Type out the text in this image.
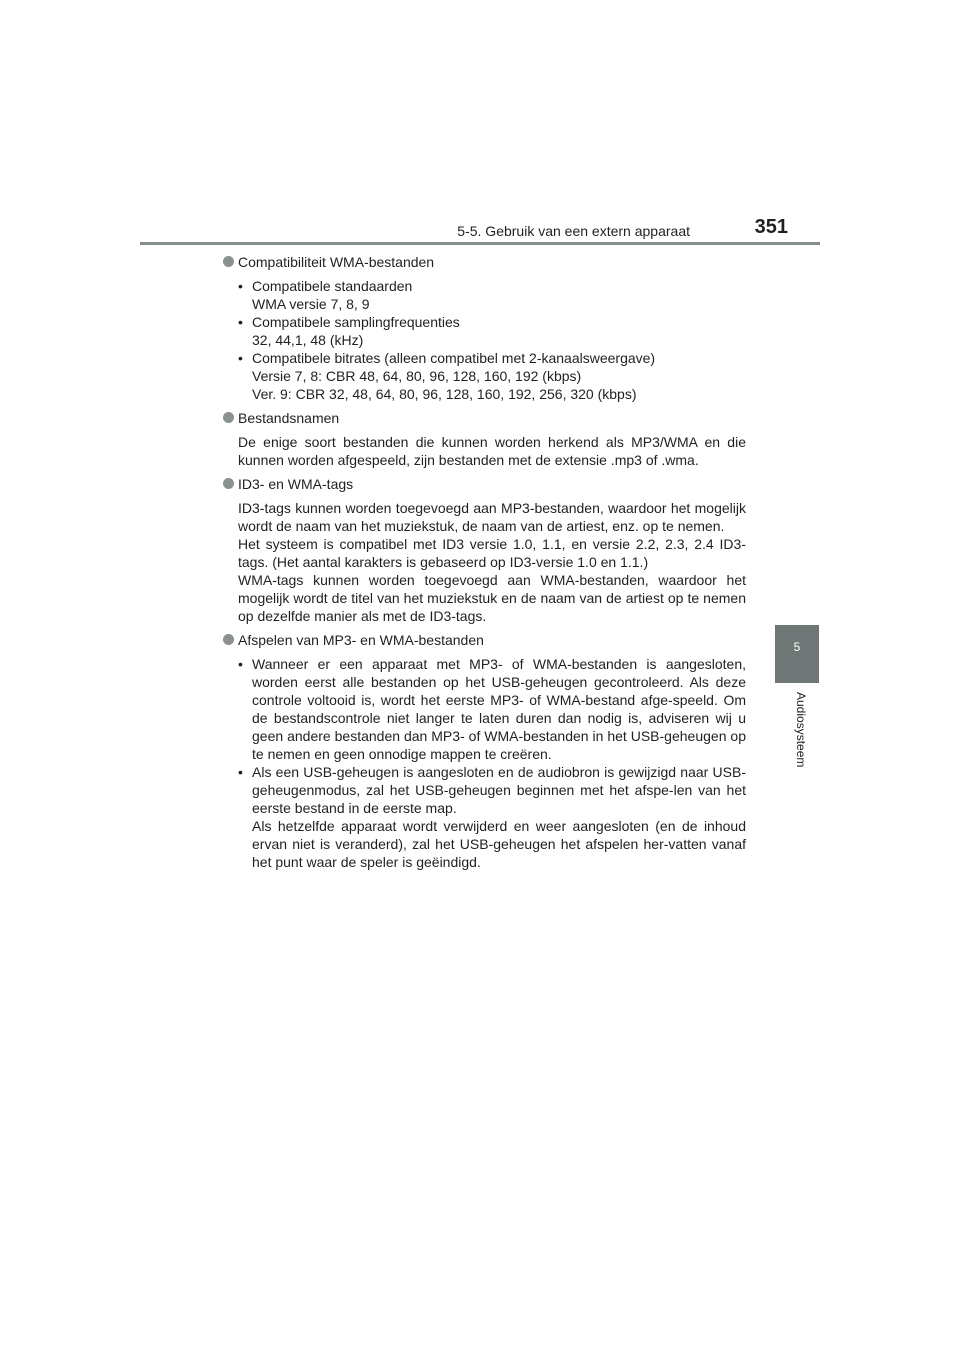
5-5. Gebruik van een extern apparaat	351
5
Audiosysteem
Compatibiliteit WMA-bestanden
• Compatibele standaarden
WMA versie 7, 8, 9
• Compatibele samplingfrequenties
32, 44,1, 48 (kHz)
• Compatibele bitrates (alleen compatibel met 2-kanaalsweergave)
Versie 7, 8: CBR 48, 64, 80, 96, 128, 160, 192 (kbps)
Ver. 9: CBR 32, 48, 64, 80, 96, 128, 160, 192, 256, 320 (kbps)
Bestandsnamen

De enige soort bestanden die kunnen worden herkend als MP3/WMA en die kunnen worden afgespeeld, zijn bestanden met de extensie .mp3 of .wma.

ID3- en WMA-tags

ID3-tags kunnen worden toegevoegd aan MP3-bestanden, waardoor het mogelijk wordt de naam van het muziekstuk, de naam van de artiest, enz. op te nemen.

Het systeem is compatibel met ID3 versie 1.0, 1.1, en versie 2.2, 2.3, 2.4 ID3-tags. (Het aantal karakters is gebaseerd op ID3-versie 1.0 en 1.1.)

WMA-tags kunnen worden toegevoegd aan WMA-bestanden, waardoor het mogelijk wordt de titel van het muziekstuk en de naam van de artiest op te nemen op dezelfde manier als met de ID3-tags.

Afspelen van MP3- en WMA-bestanden

• Wanneer er een apparaat met MP3- of WMA-bestanden is aangesloten, worden eerst alle bestanden op het USB-geheugen gecontroleerd. Als deze controle voltooid is, wordt het eerste MP3- of WMA-bestand afge-speeld. Om de bestandscontrole niet langer te laten duren dan nodig is, adviseren wij u geen andere bestanden dan MP3- of WMA-bestanden in het USB-geheugen op te nemen en geen onnodige mappen te creëren.

• Als een USB-geheugen is aangesloten en de audiobron is gewijzigd naar USB-geheugenmodus, zal het USB-geheugen beginnen met het afspe-len van het eerste bestand in de eerste map.

Als hetzelfde apparaat wordt verwijderd en weer aangesloten (en de inhoud ervan niet is veranderd), zal het USB-geheugen het afspelen her-vatten vanaf het punt waar de speler is geëindigd.
